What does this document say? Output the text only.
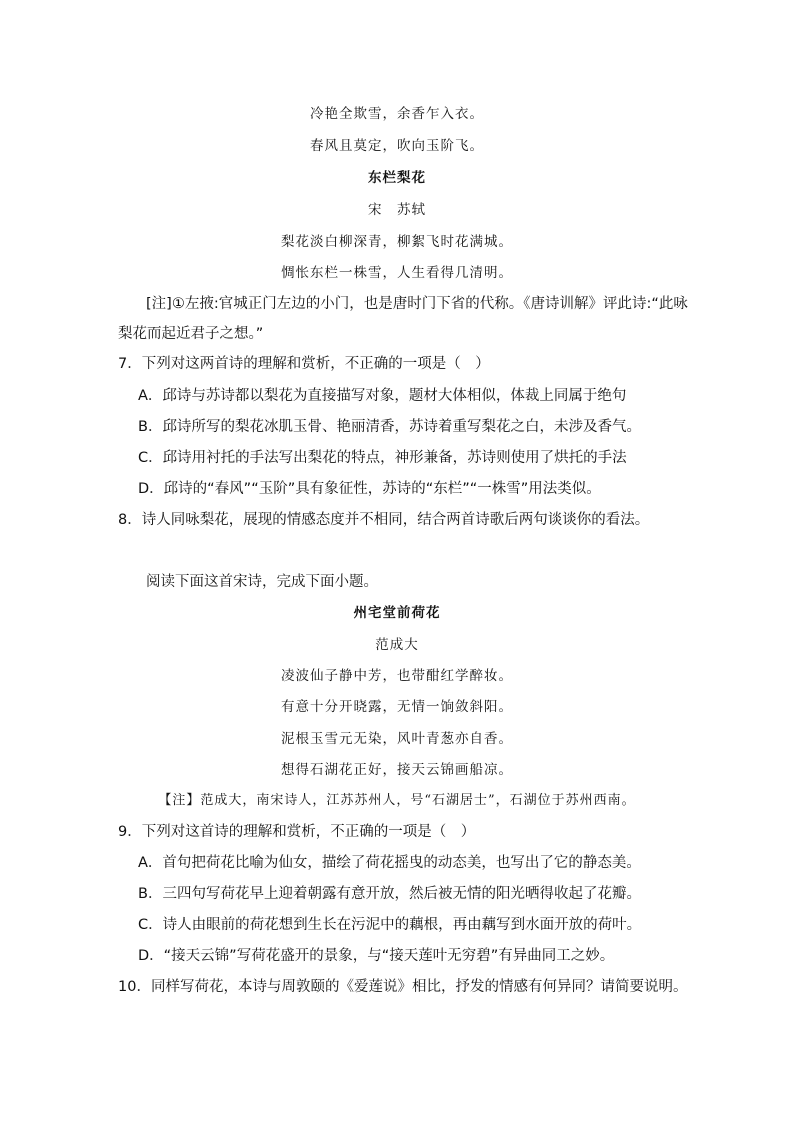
冷艳全欺雪，余香乍入衣。
春风且莫定，吹向玉阶飞。
东栏梨花
宋　苏轼
梨花淡白柳深青，柳絮飞时花满城。
惆怅东栏一株雪，人生看得几清明。
[注]①左掖:官城正门左边的小门，也是唐时门下省的代称。《唐诗训解》评此诗:“此咏
梨花而起近君子之想。”
7．下列对这两首诗的理解和赏析，不正确的一项是（　）
A．邱诗与苏诗都以梨花为直接描写对象，题材大体相似，体裁上同属于绝句
B．邱诗所写的梨花冰肌玉骨、艳丽清香，苏诗着重写梨花之白，未涉及香气。
C．邱诗用衬托的手法写出梨花的特点，神形兼备，苏诗则使用了烘托的手法
D．邱诗的“春风”“玉阶”具有象征性，苏诗的“东栏”“一株雪”用法类似。
8．诗人同咏梨花，展现的情感态度并不相同，结合两首诗歌后两句谈谈你的看法。
阅读下面这首宋诗，完成下面小题。
州宅堂前荷花
范成大
凌波仙子静中芳，也带酣红学醉妆。
有意十分开晓露，无情一饷敛斜阳。
泥根玉雪元无染，风叶青葱亦自香。
想得石湖花正好，接天云锦画船凉。
【注】范成大，南宋诗人，江苏苏州人，号“石湖居士”，石湖位于苏州西南。
9．下列对这首诗的理解和赏析，不正确的一项是（　）
A．首句把荷花比喻为仙女，描绘了荷花摇曳的动态美，也写出了它的静态美。
B．三四句写荷花早上迎着朝露有意开放，然后被无情的阳光晒得收起了花瓣。
C．诗人由眼前的荷花想到生长在污泥中的藕根，再由藕写到水面开放的荷叶。
D．“接天云锦”写荷花盛开的景象，与“接天莲叶无穷碧”有异曲同工之妙。
10．同样写荷花，本诗与周敦颐的《爱莲说》相比，抒发的情感有何异同？请简要说明。
